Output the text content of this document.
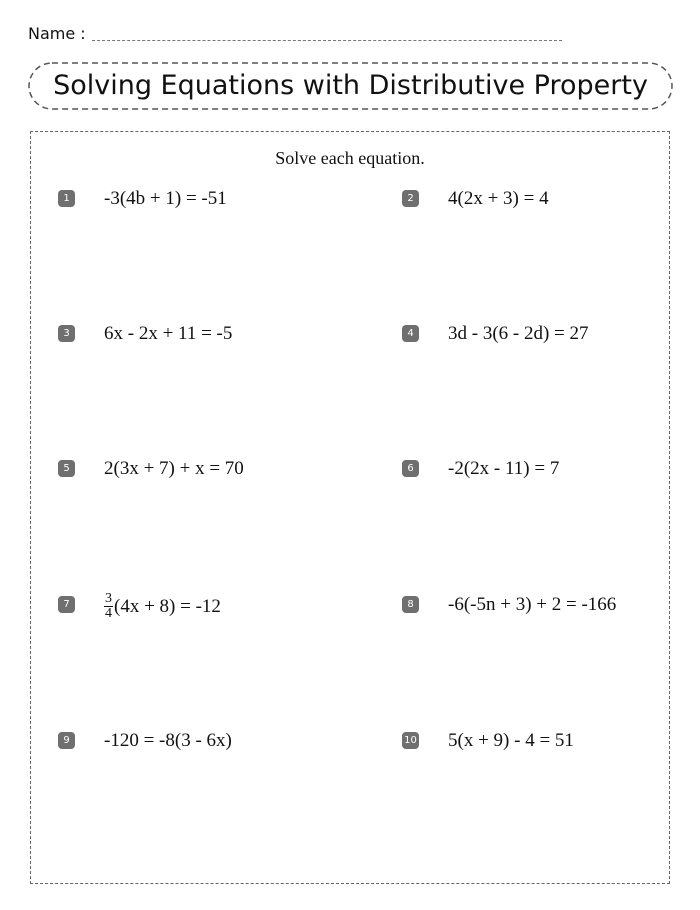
Name :
Solving Equations with Distributive Property
Solve each equation.
1 -3(4b + 1) = -51	2 4(2x + 3) = 4
3 6x - 2x + 11 = -5	4 3d - 3(6 - 2d) = 27
5 2(3x + 7) + x = 70	6 -2(2x - 11) = 7
7	$\frac{3}{4} (4x + 8) = -12$	8 -6(-5n + 3) + 2 = -166
9 -120 = -8(3 - 6x)	10 5(x + 9) - 4 = 51
